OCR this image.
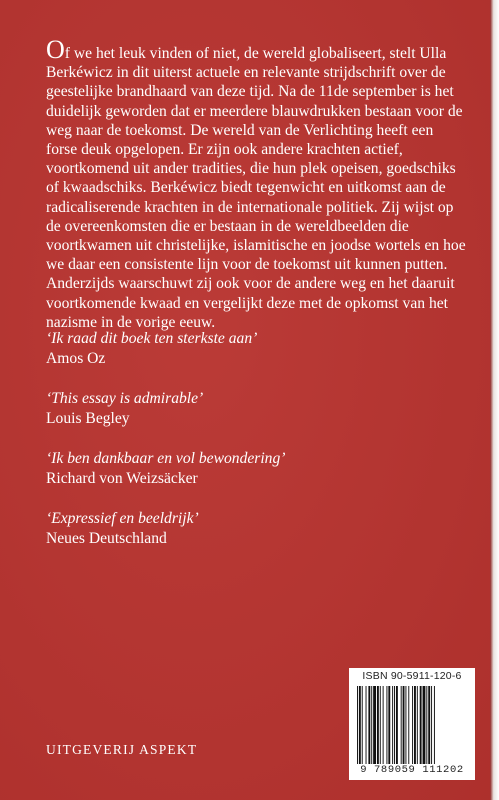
Of we het leuk vinden of niet, de wereld globaliseert, stelt Ulla Berkéwicz in dit uiterst actuele en relevante strijdschrift over de geestelijke brandhaard van deze tijd. Na de 11de september is het duidelijk geworden dat er meerdere blauwdrukken bestaan voor de weg naar de toekomst. De wereld van de Verlichting heeft een forse deuk opgelopen. Er zijn ook andere krachten actief, voortkomend uit ander tradities, die hun plek opeisen, goedschiks of kwaadschiks. Berkéwicz biedt tegenwicht en uitkomst aan de radicaliserende krachten in de internationale politiek. Zij wijst op de overeenkomsten die er bestaan in de wereldbeelden die voortkwamen uit christelijke, islamitische en joodse wortels en hoe we daar een consistente lijn voor de toekomst uit kunnen putten. Anderzijds waarschuwt zij ook voor de andere weg en het daaruit voortkomende kwaad en vergelijkt deze met de opkomst van het nazisme in de vorige eeuw.

‘Ik raad dit boek ten sterkste aan’
Amos Oz
‘This essay is admirable’
Louis Begley
‘Ik ben dankbaar en vol bewondering’
Richard von Weizsäcker
‘Expressief en beeldrijk’
Neues Deutschland
ISBN 90-5911-120-6
9 789059 111202
UITGEVERIJ ASPEKT
